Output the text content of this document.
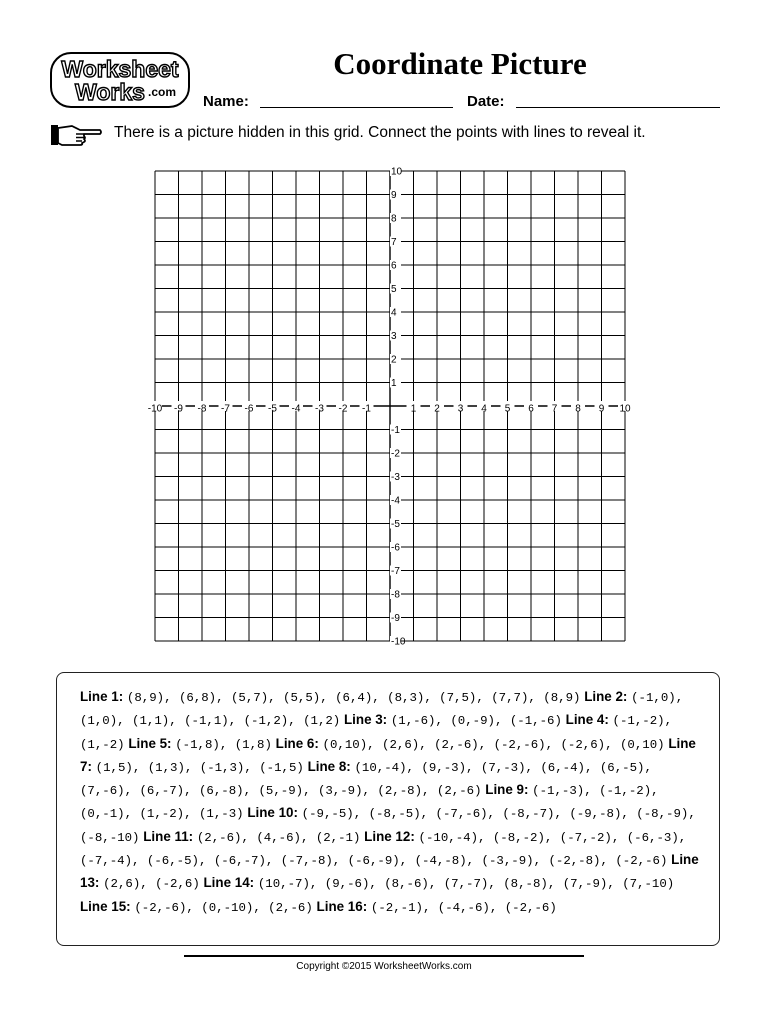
Worksheet
Works .com
Coordinate Picture
Name:	Date:
There is a picture hidden in this grid. Connect the points with lines to reveal it.
-10 -9 -8 -7 -6 -5 -4 -3 -2 -1	1 2 3 4 5 6 7 8 9 10
-10
-9
-8
-7
-6
-5
-4
-3
-2
-1
1
2
3
4
5
6
7
8
9
10
Line 1: (8,9), (6,8), (5,7), (5,5), (6,4), (8,3), (7,5), (7,7), (8,9) Line 2: (-1,0), (1,0), (1,1), (-1,1), (-1,2), (1,2) Line 3: (1,-6), (0,-9), (-1,-6) Line 4: (-1,-2), (1,-2) Line 5: (-1,8), (1,8) Line 6: (0,10), (2,6), (2,-6), (-2,-6), (-2,6), (0,10) Line 7: (1,5), (1,3), (-1,3), (-1,5) Line 8: (10,-4), (9,-3), (7,-3), (6,-4), (6,-5), (7,-6), (6,-7), (6,-8), (5,-9), (3,-9), (2,-8), (2,-6) Line 9: (-1,-3), (-1,-2), (0,-1), (1,-2), (1,-3) Line 10: (-9,-5), (-8,-5), (-7,-6), (-8,-7), (-9,-8), (-8,-9), (-8,-10) Line 11: (2,-6), (4,-6), (2,-1) Line 12: (-10,-4), (-8,-2), (-7,-2), (-6,-3), (-7,-4), (-6,-5), (-6,-7), (-7,-8), (-6,-9), (-4,-8), (-3,-9), (-2,-8), (-2,-6) Line 13: (2,6), (-2,6) Line 14: (10,-7), (9,-6), (8,-6), (7,-7), (8,-8), (7,-9), (7,-10) Line 15: (-2,-6), (0,-10), (2,-6) Line 16: (-2,-1), (-4,-6), (-2,-6)
Copyright ©2015 WorksheetWorks.com
